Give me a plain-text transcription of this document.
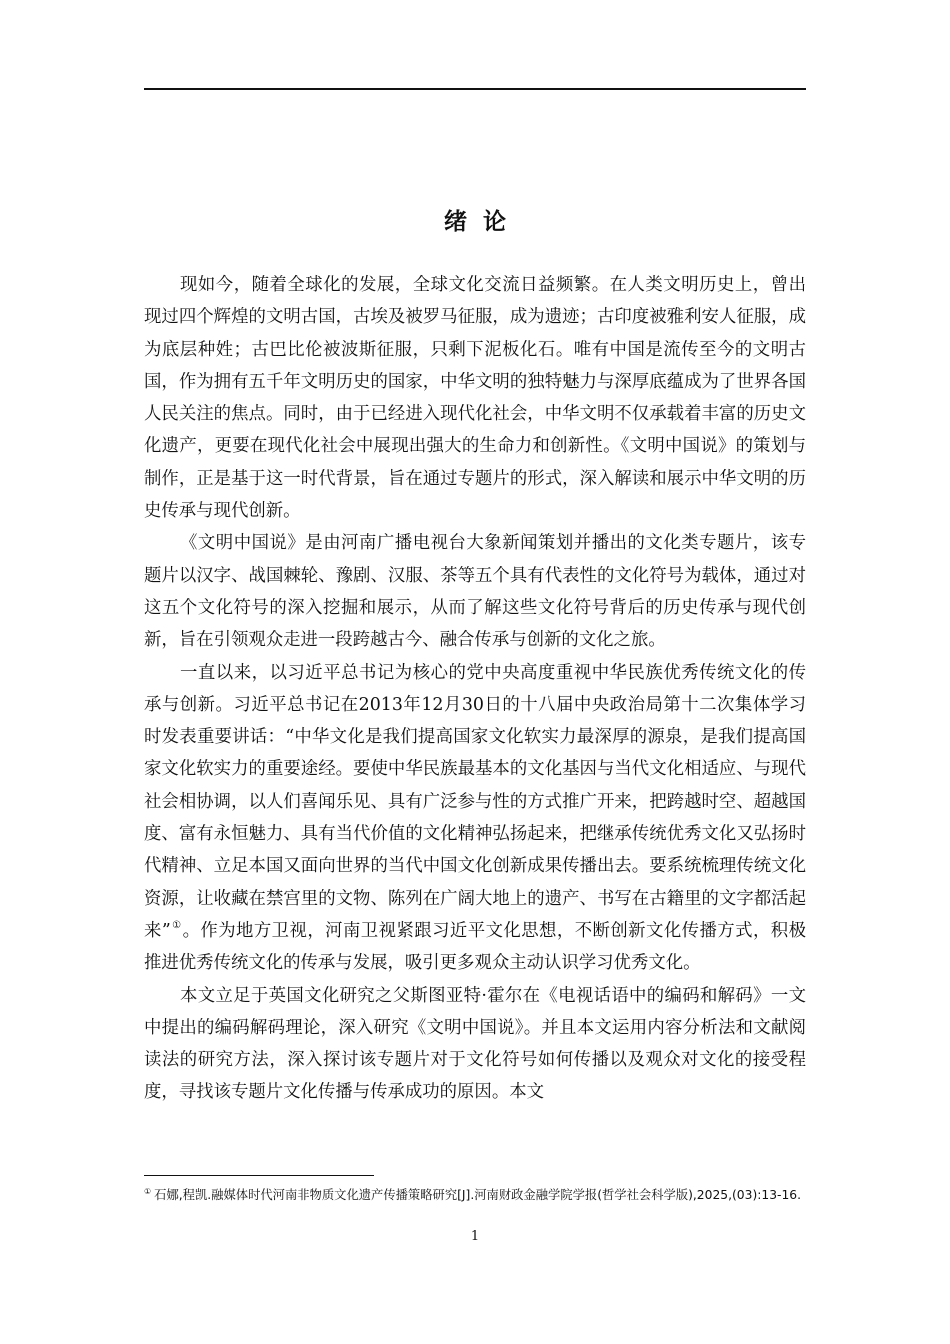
绪论

现如今，随着全球化的发展，全球文化交流日益频繁。在人类文明历史上，曾出现过四个辉煌的文明古国，古埃及被罗马征服，成为遗迹；古印度被雅利安人征服，成为底层种姓；古巴比伦被波斯征服，只剩下泥板化石。唯有中国是流传至今的文明古国，作为拥有五千年文明历史的国家，中华文明的独特魅力与深厚底蕴成为了世界各国人民关注的焦点。同时，由于已经进入现代化社会，中华文明不仅承载着丰富的历史文化遗产，更要在现代化社会中展现出强大的生命力和创新性。《文明中国说》的策划与制作，正是基于这一时代背景，旨在通过专题片的形式，深入解读和展示中华文明的历史传承与现代创新。

《文明中国说》是由河南广播电视台大象新闻策划并播出的文化类专题片，该专题片以汉字、战国棘轮、豫剧、汉服、茶等五个具有代表性的文化符号为载体，通过对这五个文化符号的深入挖掘和展示，从而了解这些文化符号背后的历史传承与现代创新，旨在引领观众走进一段跨越古今、融合传承与创新的文化之旅。

一直以来，以习近平总书记为核心的党中央高度重视中华民族优秀传统文化的传承与创新。习近平总书记在2013年12月30日的十八届中央政治局第十二次集体学习时发表重要讲话：“中华文化是我们提高国家文化软实力最深厚的源泉，是我们提高国家文化软实力的重要途经。要使中华民族最基本的文化基因与当代文化相适应、与现代社会相协调，以人们喜闻乐见、具有广泛参与性的方式推广开来，把跨越时空、超越国度、富有永恒魅力、具有当代价值的文化精神弘扬起来，把继承传统优秀文化又弘扬时代精神、立足本国又面向世界的当代中国文化创新成果传播出去。要系统梳理传统文化资源，让收藏在禁宫里的文物、陈列在广阔大地上的遗产、书写在古籍里的文字都活起来”①。作为地方卫视，河南卫视紧跟习近平文化思想，不断创新文化传播方式，积极推进优秀传统文化的传承与发展，吸引更多观众主动认识学习优秀文化。

本文立足于英国文化研究之父斯图亚特·霍尔在《电视话语中的编码和解码》一文中提出的编码解码理论，深入研究《文明中国说》。并且本文运用内容分析法和文献阅读法的研究方法，深入探讨该专题片对于文化符号如何传播以及观众对文化的接受程度，寻找该专题片文化传播与传承成功的原因。本文

① 石娜,程凯.融媒体时代河南非物质文化遗产传播策略研究[J].河南财政金融学院学报(哲学社会科学版),2025,(03):13-16.
1
